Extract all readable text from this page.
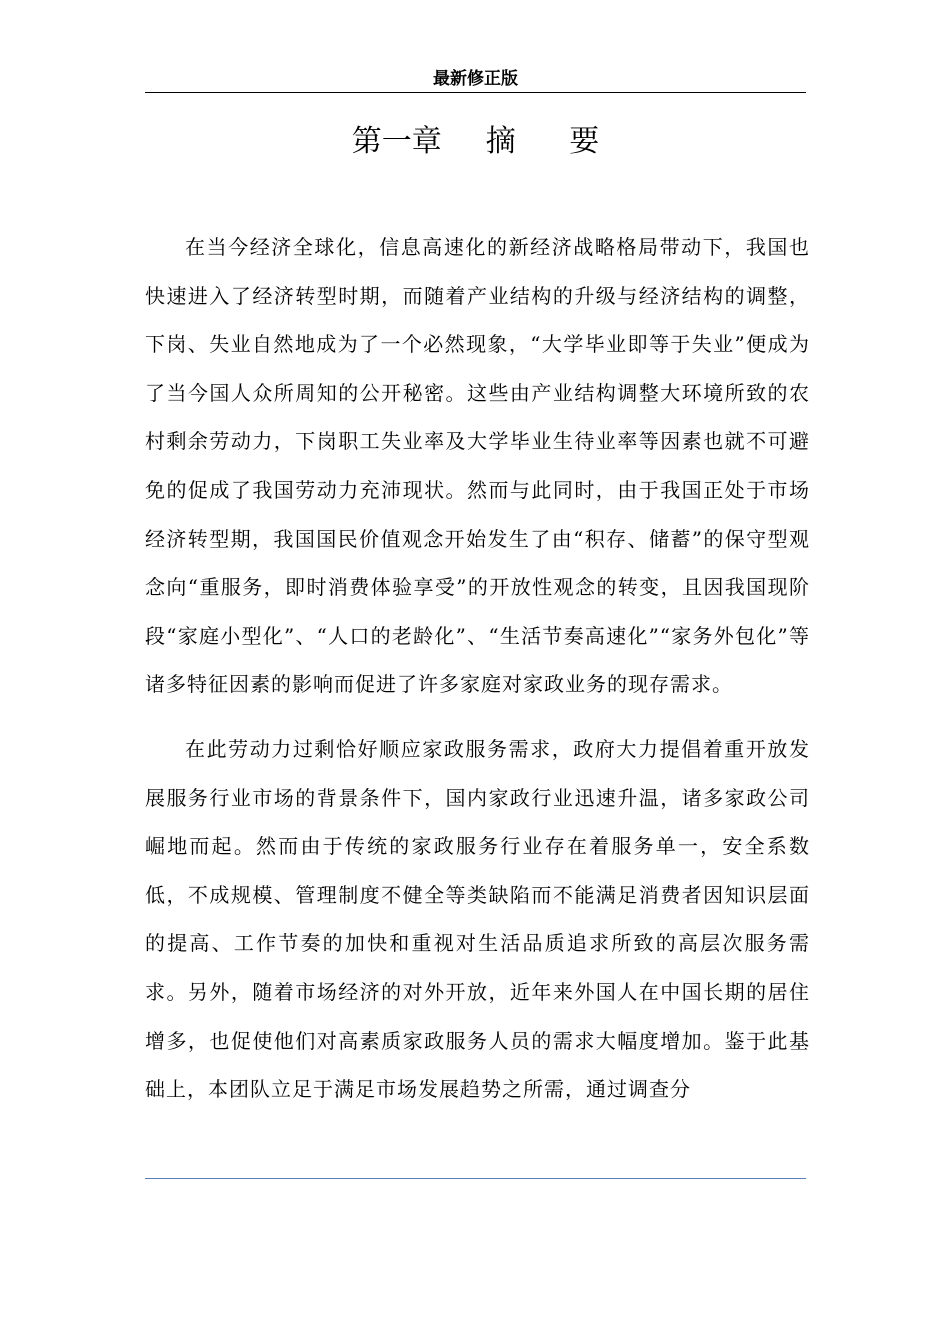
最新修正版
第一章 摘 要

在当今经济全球化，信息高速化的新经济战略格局带动下，我国也快速进入了经济转型时期，而随着产业结构的升级与经济结构的调整，下岗、失业自然地成为了一个必然现象，“大学毕业即等于失业”便成为了当今国人众所周知的公开秘密。这些由产业结构调整大环境所致的农村剩余劳动力，下岗职工失业率及大学毕业生待业率等因素也就不可避免的促成了我国劳动力充沛现状。然而与此同时，由于我国正处于市场经济转型期，我国国民价值观念开始发生了由“积存、储蓄”的保守型观念向“重服务，即时消费体验享受”的开放性观念的转变，且因我国现阶段“家庭小型化”、“人口的老龄化”、“生活节奏高速化”“家务外包化”等诸多特征因素的影响而促进了许多家庭对家政业务的现存需求。

在此劳动力过剩恰好顺应家政服务需求，政府大力提倡着重开放发展服务行业市场的背景条件下，国内家政行业迅速升温，诸多家政公司崛地而起。然而由于传统的家政服务行业存在着服务单一，安全系数低，不成规模、管理制度不健全等类缺陷而不能满足消费者因知识层面的提高、工作节奏的加快和重视对生活品质追求所致的高层次服务需求。另外，随着市场经济的对外开放，近年来外国人在中国长期的居住增多，也促使他们对高素质家政服务人员的需求大幅度增加。鉴于此基础上，本团队立足于满足市场发展趋势之所需，通过调查分
